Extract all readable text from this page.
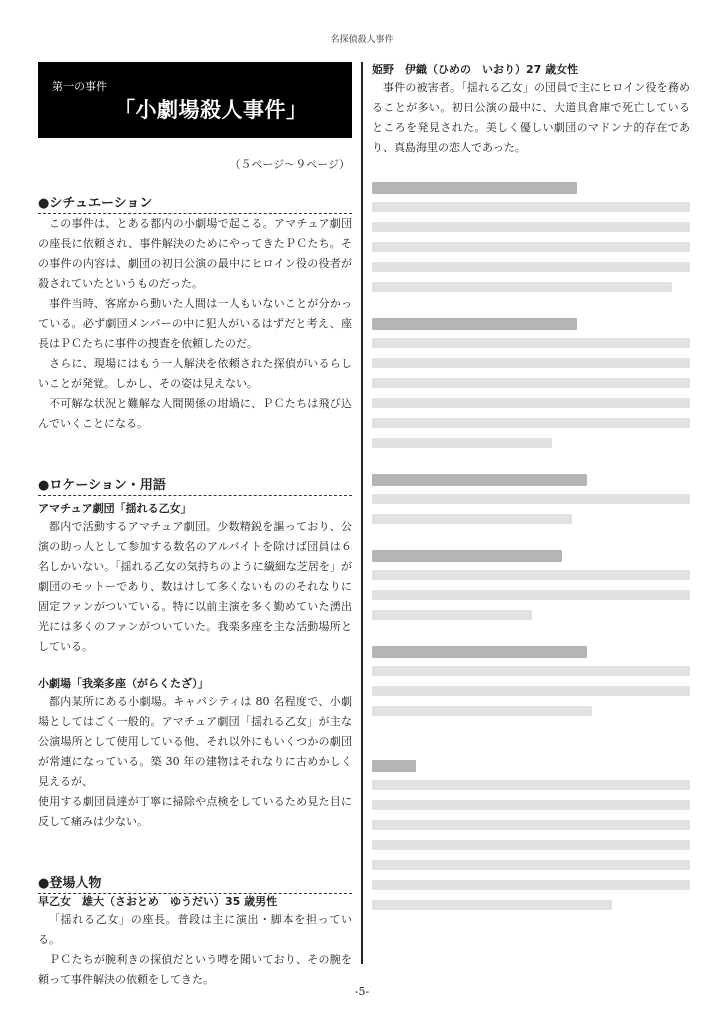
名探偵殺人事件
第一の事件
「小劇場殺人事件」
（５ページ～９ページ）
●シチュエーション

この事件は、とある都内の小劇場で起こる。アマチュア劇団の座長に依頼され、事件解決のためにやってきたＰＣたち。その事件の内容は、劇団の初日公演の最中にヒロイン役の役者が殺されていたというものだった。

事件当時、客席から動いた人間は一人もいないことが分かっている。必ず劇団メンバーの中に犯人がいるはずだと考え、座長はＰＣたちに事件の捜査を依頼したのだ。

さらに、現場にはもう一人解決を依頼された探偵がいるらしいことが発覚。しかし、その姿は見えない。

不可解な状況と難解な人間関係の坩堝に、ＰＣたちは飛び込んでいくことになる。

●ロケーション・用語
アマチュア劇団「揺れる乙女」

都内で活動するアマチュア劇団。少数精鋭を謳っており、公演の助っ人として参加する数名のアルバイトを除けば団員は６名しかいない。「揺れる乙女の気持ちのように繊細な芝居を」が劇団のモットーであり、数はけして多くないもののそれなりに固定ファンがついている。特に以前主演を多く勤めていた湧出光には多くのファンがついていた。我楽多座を主な活動場所としている。

小劇場「我楽多座（がらくたざ）」

都内某所にある小劇場。キャパシティは 80 名程度で、小劇場としてはごく一般的。アマチュア劇団「揺れる乙女」が主な公演場所として使用している他、それ以外にもいくつかの劇団が常連になっている。築 30 年の建物はそれなりに古めかしく見えるが、

使用する劇団員達が丁寧に掃除や点検をしているため見た目に反して痛みは少ない。

●登場人物
早乙女　雄大（さおとめ　ゆうだい）35 歳男性

「揺れる乙女」の座長。普段は主に演出・脚本を担っている。

ＰＣたちが腕利きの探偵だという噂を聞いており、その腕を頼って事件解決の依頼をしてきた。

姫野　伊織（ひめの　いおり）27 歳女性

事件の被害者。「揺れる乙女」の団員で主にヒロイン役を務めることが多い。初日公演の最中に、大道具倉庫で死亡しているところを発見された。美しく優しい劇団のマドンナ的存在であり、真島海里の恋人であった。

-5-
